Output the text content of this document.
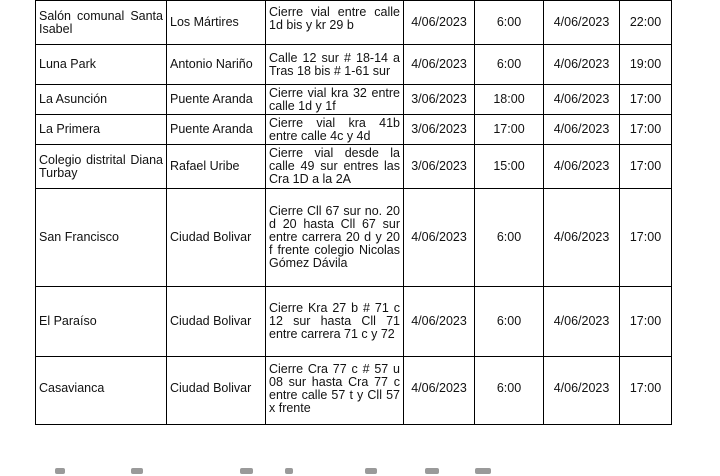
Salón comunal Santa Isabel	Los Mártires	Cierre vial entre calle 1d bis y kr 29 b	4/06/2023	6:00	4/06/2023	22:00
Luna Park	Antonio Nariño	Calle 12 sur # 18-14 a Tras 18 bis # 1-61 sur	4/06/2023	6:00	4/06/2023	19:00
La Asunción	Puente Aranda	Cierre vial kra 32 entre calle 1d y 1f	3/06/2023	18:00	4/06/2023	17:00
La Primera	Puente Aranda	Cierre vial kra 41b entre calle 4c y 4d	3/06/2023	17:00	4/06/2023	17:00
Colegio distrital Diana Turbay	Rafael Uribe	Cierre vial desde la calle 49 sur entres las Cra 1D a la 2A	3/06/2023	15:00	4/06/2023	17:00
San Francisco	Ciudad Bolivar	Cierre Cll 67 sur no. 20 d 20 hasta Cll 67 sur entre carrera 20 d y 20 f frente colegio Nicolas Gómez Dávila	4/06/2023	6:00	4/06/2023	17:00
El Paraíso	Ciudad Bolivar	Cierre Kra 27 b # 71 c 12 sur hasta Cll 71 entre carrera 71 c y 72	4/06/2023	6:00	4/06/2023	17:00
Casavianca	Ciudad Bolivar	Cierre Cra 77 c # 57 u 08 sur hasta Cra 77 c entre calle 57 t y Cll 57 x frente	4/06/2023	6:00	4/06/2023	17:00
